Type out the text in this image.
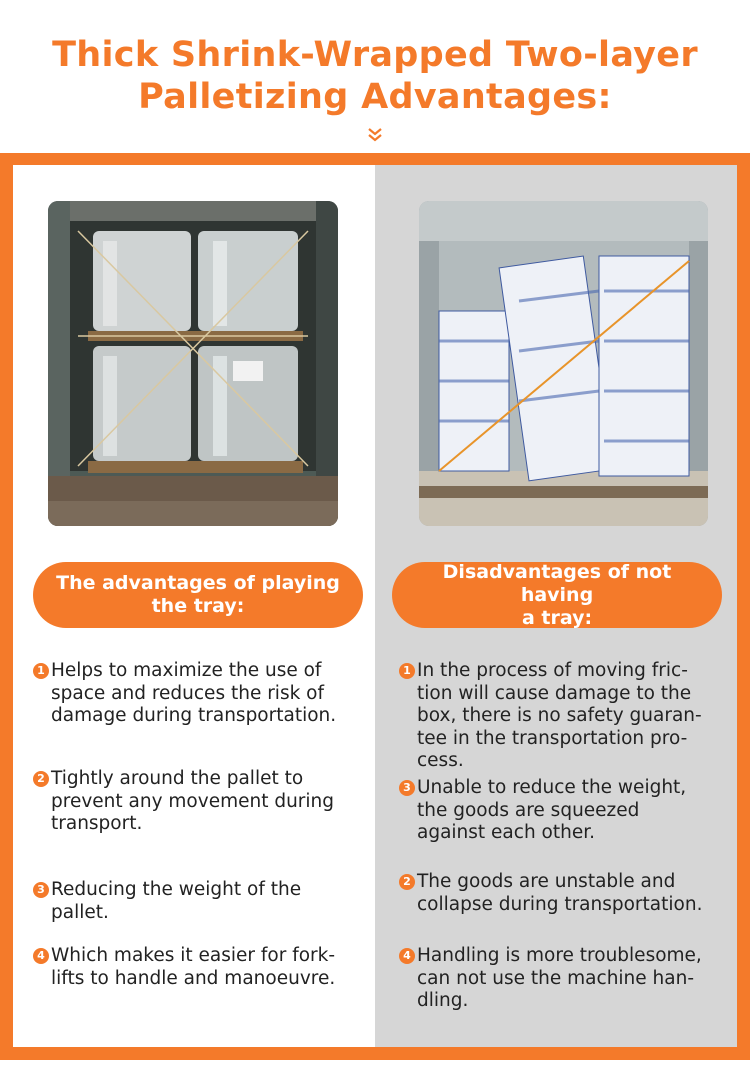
Thick Shrink-Wrapped Two-layer
Palletizing Advantages:
The advantages of playing
the tray:
Disadvantages of not having
a tray:
1 Helps to maximize the use of
space and reduces the risk of
damage during transportation.
2 Tightly around the pallet to
prevent any movement during
transport.
3 Reducing the weight of the
pallet.
4 Which makes it easier for fork-
lifts to handle and manoeuvre.
1 In the process of moving fric-
tion will cause damage to the
box, there is no safety guaran-
tee in the transportation pro-
cess.
3 Unable to reduce the weight,
the goods are squeezed
against each other.
2 The goods are unstable and
collapse during transportation.
4 Handling is more troublesome,
can not use the machine han-
dling.
